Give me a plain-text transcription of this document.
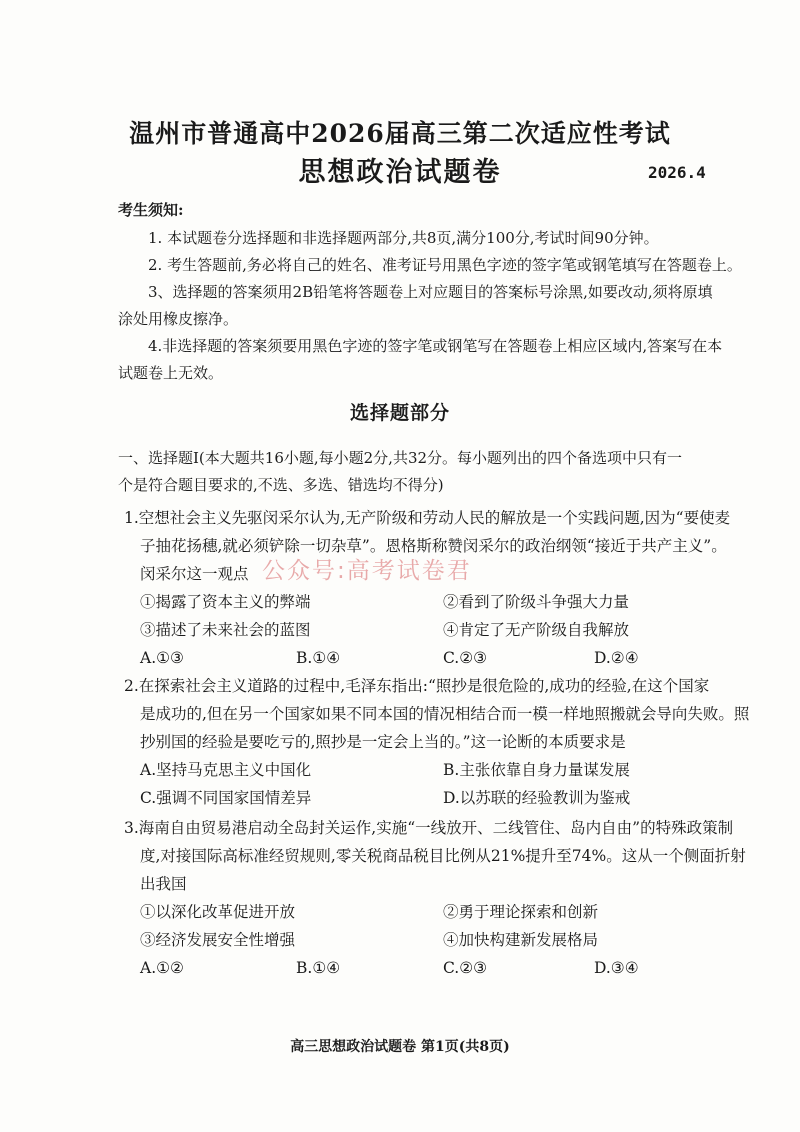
温州市普通高中2026届高三第二次适应性考试
思想政治试题卷	2026.4
考生须知:
1. 本试题卷分选择题和非选择题两部分,共8页,满分100分,考试时间90分钟。
2. 考生答题前,务必将自己的姓名、准考证号用黑色字迹的签字笔或钢笔填写在答题卷上。
3、选择题的答案须用2B铅笔将答题卷上对应题目的答案标号涂黑,如要改动,须将原填
涂处用橡皮擦净。
4.非选择题的答案须要用黑色字迹的签字笔或钢笔写在答题卷上相应区域内,答案写在本
试题卷上无效。
选择题部分
一、选择题Ⅰ(本大题共16小题,每小题2分,共32分。每小题列出的四个备选项中只有一
个是符合题目要求的,不选、多选、错选均不得分)
1.空想社会主义先驱闵采尔认为,无产阶级和劳动人民的解放是一个实践问题,因为“要使麦
子抽花扬穗,就必须铲除一切杂草”。恩格斯称赞闵采尔的政治纲领“接近于共产主义”。
闵采尔这一观点
①揭露了资本主义的弊端	②看到了阶级斗争强大力量
③描述了未来社会的蓝图	④肯定了无产阶级自我解放
A.①③	B.①④	C.②③	D.②④
2.在探索社会主义道路的过程中,毛泽东指出:“照抄是很危险的,成功的经验,在这个国家
是成功的,但在另一个国家如果不同本国的情况相结合而一模一样地照搬就会导向失败。照
抄别国的经验是要吃亏的,照抄是一定会上当的。”这一论断的本质要求是
A.坚持马克思主义中国化	B.主张依靠自身力量谋发展
C.强调不同国家国情差异	D.以苏联的经验教训为鉴戒
3.海南自由贸易港启动全岛封关运作,实施“一线放开、二线管住、岛内自由”的特殊政策制
度,对接国际高标准经贸规则,零关税商品税目比例从21%提升至74%。这从一个侧面折射
出我国
①以深化改革促进开放	②勇于理论探索和创新
③经济发展安全性增强	④加快构建新发展格局
A.①②	B.①④	C.②③	D.③④
公众号:高考试卷君
高三思想政治试题卷 第1页(共8页)
